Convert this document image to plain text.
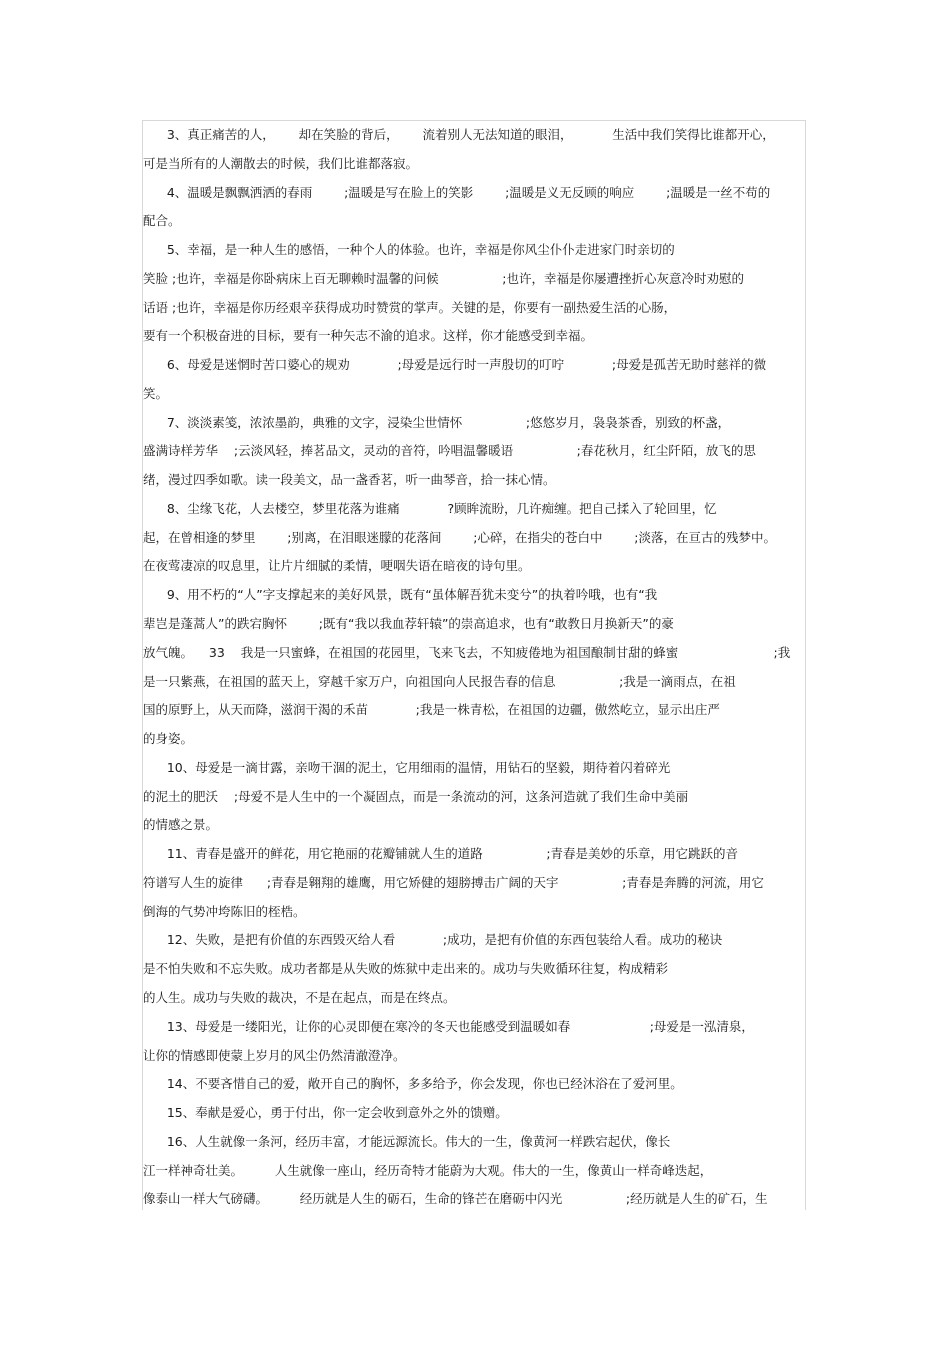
3、真正痛苦的人，      却在笑脸的背后，      流着别人无法知道的眼泪，          生活中我们笑得比谁都开心，
可是当所有的人潮散去的时候，我们比谁都落寂。
4、温暖是飘飘洒洒的春雨        ;温暖是写在脸上的笑影        ;温暖是义无反顾的响应        ;温暖是一丝不苟的
配合。
5、幸福，是一种人生的感悟，一种个人的体验。也许，幸福是你风尘仆仆走进家门时亲切的
笑脸 ;也许，幸福是你卧病床上百无聊赖时温馨的问候                ;也许，幸福是你屡遭挫折心灰意冷时劝慰的
话语 ;也许，幸福是你历经艰辛获得成功时赞赏的掌声。关键的是，你要有一副热爱生活的心肠，
要有一个积极奋进的目标，要有一种矢志不渝的追求。这样，你才能感受到幸福。
6、母爱是迷惘时苦口婆心的规劝            ;母爱是远行时一声殷切的叮咛            ;母爱是孤苦无助时慈祥的微
笑。
7、淡淡素笺，浓浓墨韵，典雅的文字，浸染尘世情怀                ;悠悠岁月，袅袅茶香，别致的杯盏，
盛满诗样芳华    ;云淡风轻，捧茗品文，灵动的音符，吟唱温馨暖语                ;春花秋月，红尘阡陌，放飞的思
绪，漫过四季如歌。读一段美文，品一盏香茗，听一曲琴音，拾一抹心情。
8、尘缘飞花，人去楼空，梦里花落为谁痛            ?顾眸流盼，几许痴缠。把自己揉入了轮回里，忆
起，在曾相逢的梦里        ;别离，在泪眼迷朦的花落间        ;心碎，在指尖的苍白中        ;淡落，在亘古的残梦中。
在夜莺凄凉的叹息里，让片片细腻的柔情，哽咽失语在暗夜的诗句里。
9、用不朽的“人”字支撑起来的美好风景，既有“虽体解吾犹未变兮”的执着吟哦，也有“我
辈岂是蓬蒿人”的跌宕胸怀        ;既有“我以我血荐轩辕”的崇高追求，也有“敢教日月换新天”的豪
放气魄。    33    我是一只蜜蜂，在祖国的花园里，飞来飞去，不知疲倦地为祖国酿制甘甜的蜂蜜                        ;我
是一只紫燕，在祖国的蓝天上，穿越千家万户，向祖国向人民报告春的信息                ;我是一滴雨点，在祖
国的原野上，从天而降，滋润干渴的禾苗            ;我是一株青松，在祖国的边疆，傲然屹立，显示出庄严
的身姿。
10、母爱是一滴甘露，亲吻干涸的泥土，它用细雨的温情，用钻石的坚毅，期待着闪着碎光
的泥土的肥沃    ;母爱不是人生中的一个凝固点，而是一条流动的河，这条河造就了我们生命中美丽
的情感之景。
11、青春是盛开的鲜花，用它艳丽的花瓣铺就人生的道路                ;青春是美妙的乐章，用它跳跃的音
符谱写人生的旋律      ;青春是翱翔的雄鹰，用它矫健的翅膀搏击广阔的天宇                ;青春是奔腾的河流，用它
倒海的气势冲垮陈旧的桎梏。
12、失败，是把有价值的东西毁灭给人看            ;成功，是把有价值的东西包装给人看。成功的秘诀
是不怕失败和不忘失败。成功者都是从失败的炼狱中走出来的。成功与失败循环往复，构成精彩
的人生。成功与失败的裁决，不是在起点，而是在终点。
13、母爱是一缕阳光，让你的心灵即便在寒冷的冬天也能感受到温暖如春                    ;母爱是一泓清泉，
让你的情感即使蒙上岁月的风尘仍然清澈澄净。
14、不要吝惜自己的爱，敞开自己的胸怀，多多给予，你会发现，你也已经沐浴在了爱河里。
15、奉献是爱心，勇于付出，你一定会收到意外之外的馈赠。
16、人生就像一条河，经历丰富，才能远源流长。伟大的一生，像黄河一样跌宕起伏，像长
江一样神奇壮美。        人生就像一座山，经历奇特才能蔚为大观。伟大的一生，像黄山一样奇峰迭起，
像泰山一样大气磅礴。        经历就是人生的砺石，生命的锋芒在磨砺中闪光                ;经历就是人生的矿石，生
